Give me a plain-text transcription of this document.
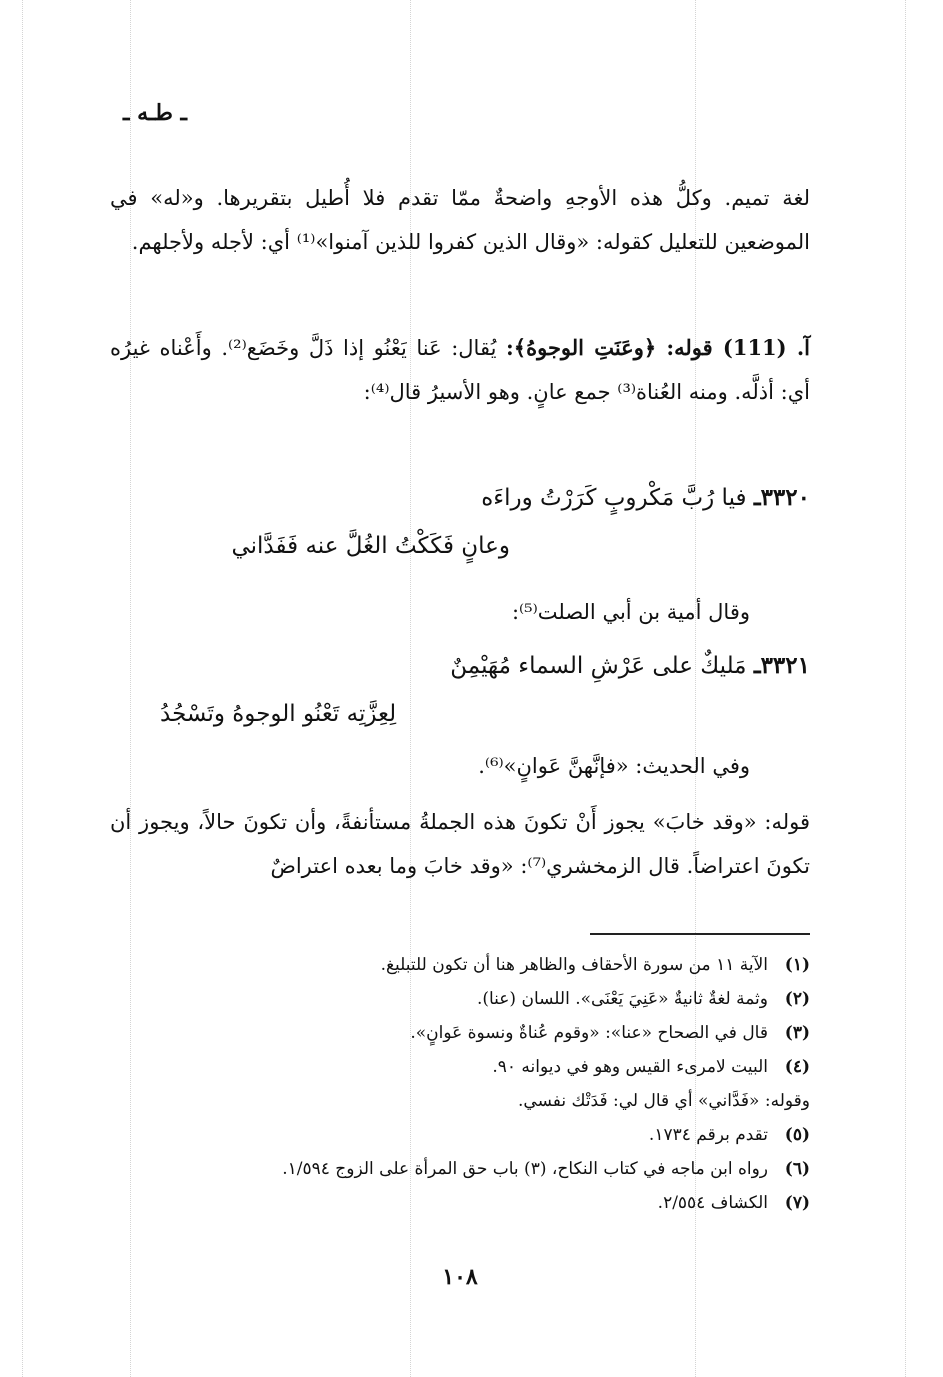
ـ طـه ـ
لغة تميم. وكلُّ هذه الأوجهِ واضحةٌ ممّا تقدم فلا أُطيل بتقريرها. و«له» في الموضعين للتعليل كقوله: «وقال الذين كفروا للذين آمنوا»⁽¹⁾ أي: لأجله ولأجلهم.
آ. (111) قوله: ﴿وعَنَتِ الوجوهُ﴾: يُقال: عَنا يَعْنُو إذا ذَلَّ وخَضَع⁽²⁾. وأَعْناه غيرُه أي: أذلَّه. ومنه العُناة⁽³⁾ جمع عانٍ. وهو الأسيرُ قال⁽⁴⁾:
٣٣٢٠ـ فيا رُبَّ مَكْروبٍ كَرَرْتُ وراءَه
وعانٍ فَكَكْتُ الغُلَّ عنه فَفَدَّاني
وقال أمية بن أبي الصلت⁽⁵⁾:
٣٣٢١ـ مَليكٌ على عَرْشِ السماء مُهَيْمِنٌ
لِعِزَّتِه تَعْنُو الوجوهُ وتَسْجُدُ
وفي الحديث: «فإنَّهنَّ عَوانٍ»⁽⁶⁾.
قوله: «وقد خابَ» يجوز أَنْ تكونَ هذه الجملةُ مستأنفةً، وأن تكونَ حالاً، ويجوز أن تكونَ اعتراضاً. قال الزمخشري⁽⁷⁾: «وقد خابَ وما بعده اعتراضٌ
(١)الآية ١١ من سورة الأحقاف والظاهر هنا أن تكون للتبليغ.
(٢)وثمة لغةٌ ثانيةٌ «عَنِيَ يَعْنَى». اللسان (عنا).
(٣)قال في الصحاح «عنا»: «وقوم عُناةٌ ونسوة عَوانٍ».
(٤)البيت لامرىء القيس وهو في ديوانه ٩٠.
وقوله: «فَدَّاني» أي قال لي: فَدَتْك نفسي.
(٥)تقدم برقم ١٧٣٤.
(٦)رواه ابن ماجه في كتاب النكاح، (٣) باب حق المرأة على الزوج ١/٥٩٤.
(٧)الكشاف ٢/٥٥٤.
١٠٨
